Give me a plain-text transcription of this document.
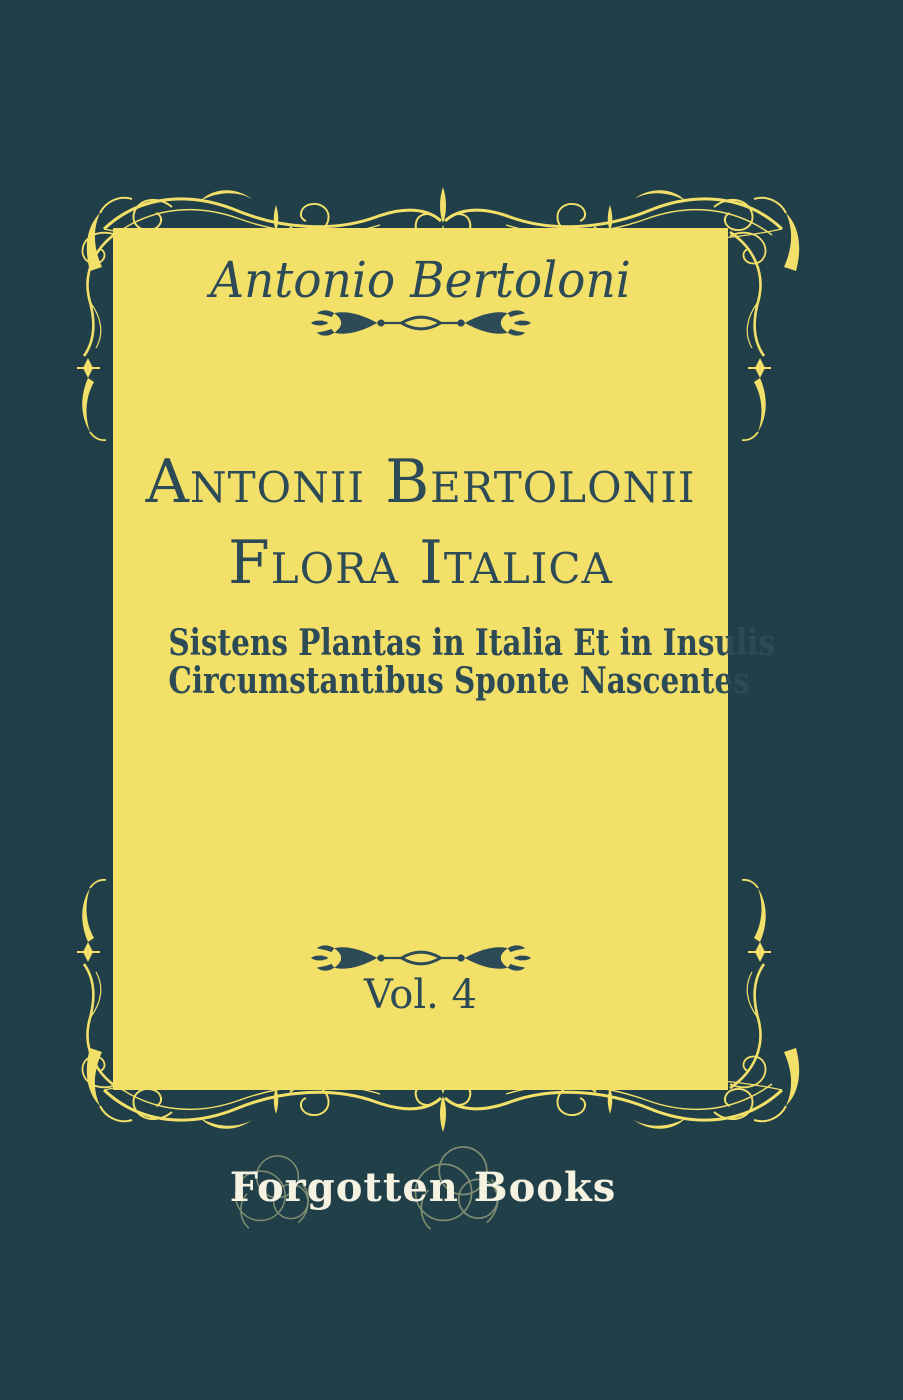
Antonio Bertoloni
Antonii Bertolonii
Flora Italica
Sistens Plantas in Italia Et in Insulis
Circumstantibus Sponte Nascentes
Vol. 4
Forgotten Books
